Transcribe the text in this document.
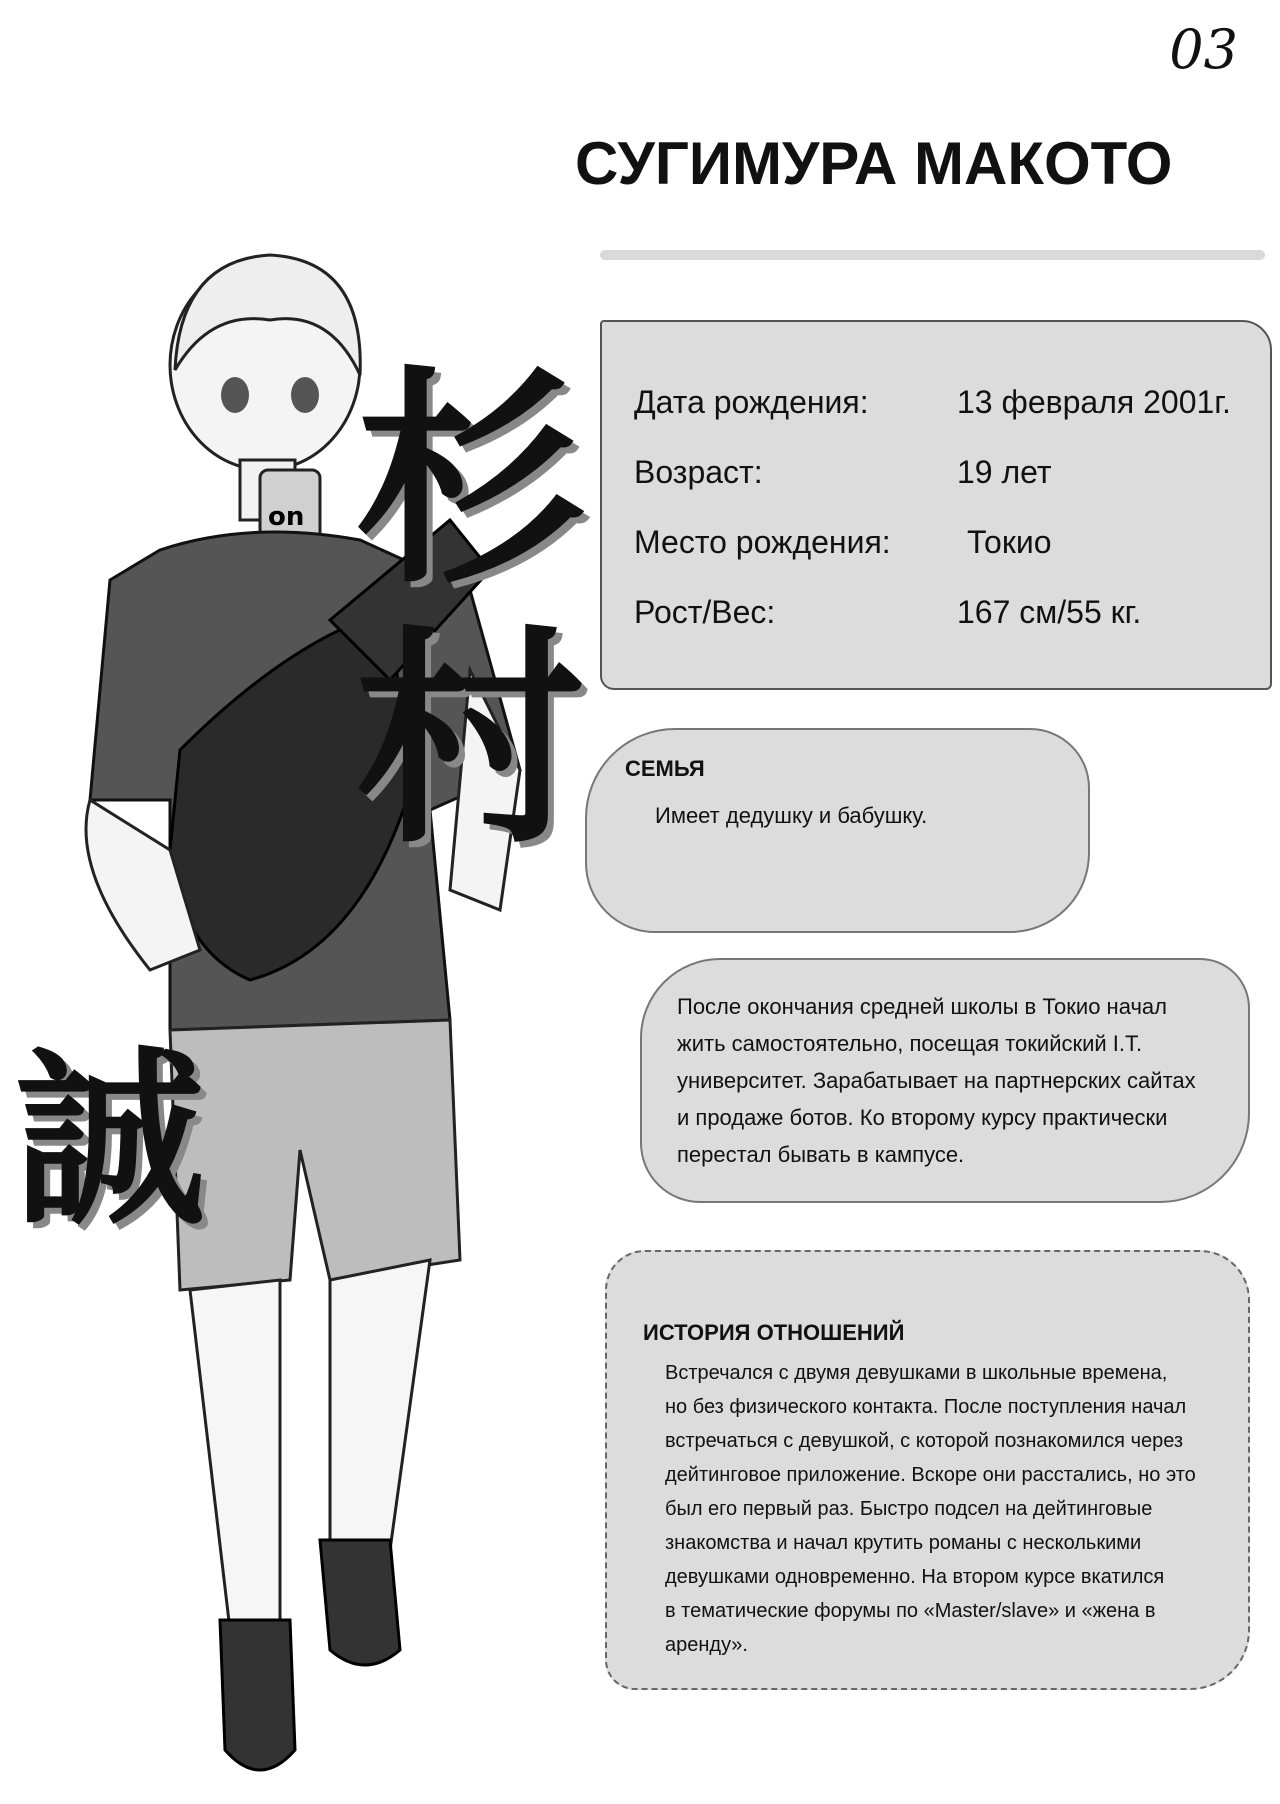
03
СУГИМУРА МАКОТО
on 杉村
誠
Дата рождения:	13 февраля 2001г.
Возраст:	19 лет
Место рождения:	Токио
Рост/Вес:	167 см/55 кг.
СЕМЬЯ
Имеет дедушку и бабушку.
После окончания средней школы в Токио начал
жить самостоятельно, посещая токийский I.T.
университет. Зарабатывает на партнерских сайтах
и продаже ботов. Ко второму курсу практически
перестал бывать в кампусе.
ИСТОРИЯ ОТНОШЕНИЙ
Встречался с двумя девушками в школьные времена,
но без физического контакта. После поступления начал
встречаться с девушкой, с которой познакомился через
дейтинговое приложение. Вскоре они расстались, но это
был его первый раз. Быстро подсел на дейтинговые
знакомства и начал крутить романы с несколькими
девушками одновременно. На втором курсе вкатился
в тематические форумы по «Master/slave» и «жена в
аренду».
